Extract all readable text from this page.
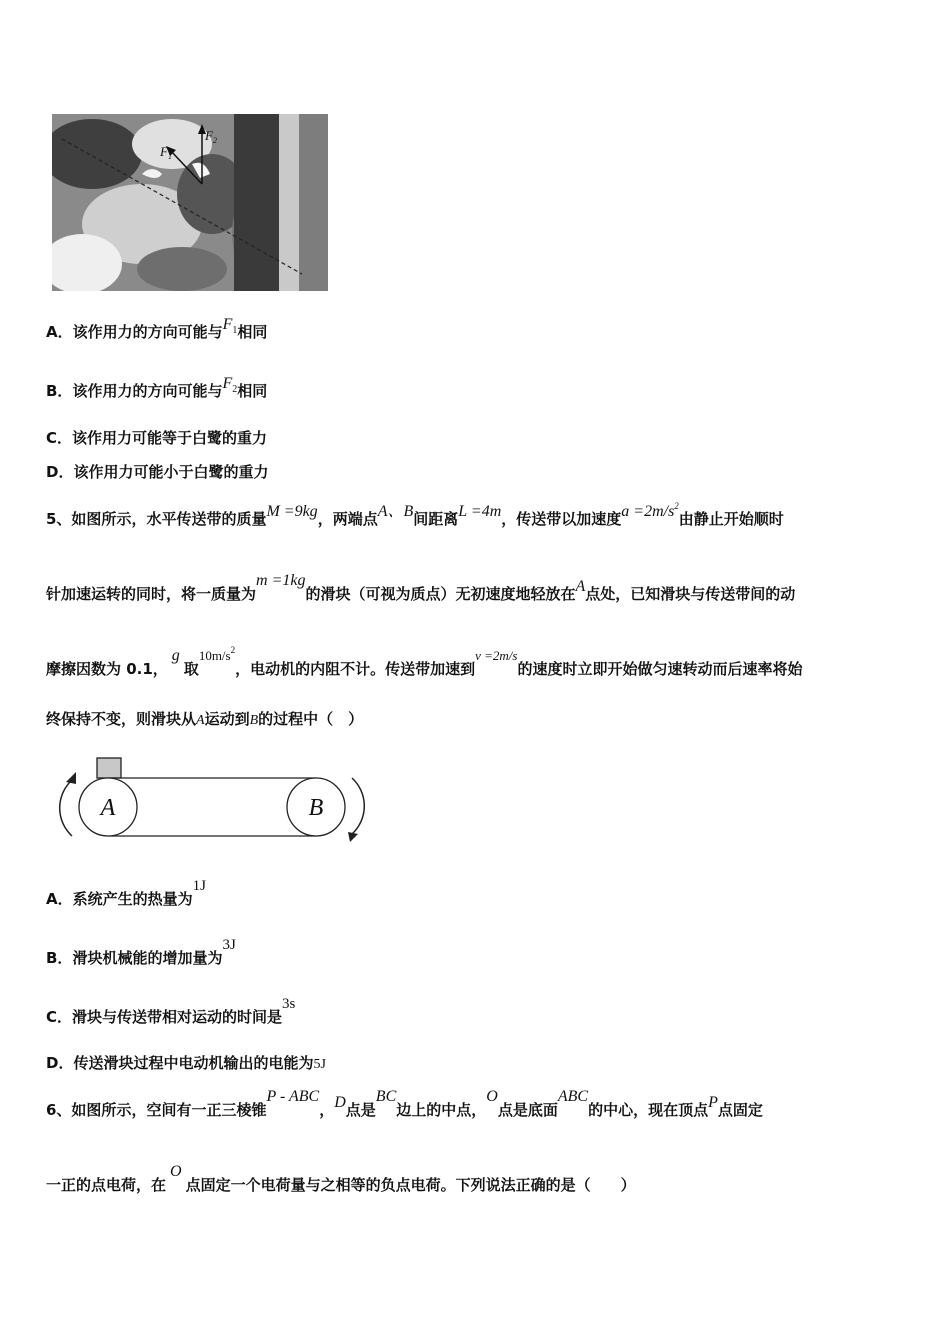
$F_1$
$F_2$
A．该作用力的方向可能与$F_1$相同
B．该作用力的方向可能与$F_2$相同
C．该作用力可能等于白鹭的重力
D．该作用力可能小于白鹭的重力
5、如图所示，水平传送带的质量M =9kg，两端点A、B间距离L =4m，传送带以加速度$a =2m/s^2$由静止开始顺时
针加速运转的同时，将一质量为m =1kg的滑块（可视为质点）无初速度地轻放在A点处，已知滑块与传送带间的动
摩擦因数为 0.1， g 取$10m/s^2$，电动机的内阻不计。传送带加速到v =2m/s的速度时立即开始做匀速转动而后速率将始
终保持不变，则滑块从A运动到B的过程中（　）
A	B
A．系统产生的热量为1J
B．滑块机械能的增加量为3J
C．滑块与传送带相对运动的时间是3s
D．传送滑块过程中电动机输出的电能为5J
6、如图所示，空间有一正三棱锥P - ABC，D点是BC边上的中点，O点是底面ABC的中心，现在顶点P点固定
一正的点电荷，在 O 点固定一个电荷量与之相等的负点电荷。下列说法正确的是（　　）
